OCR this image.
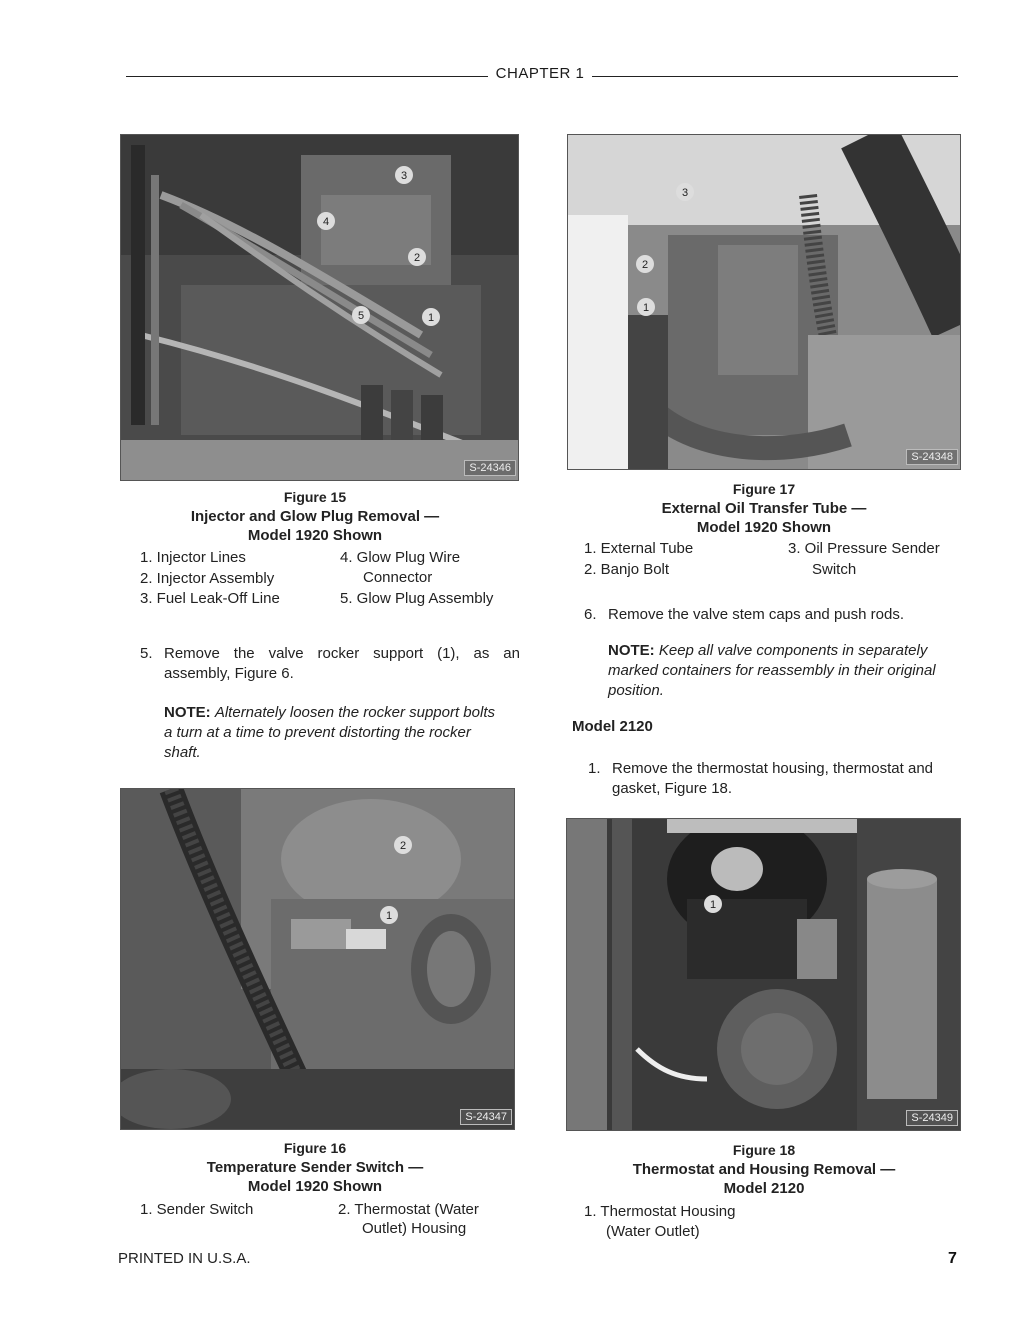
CHAPTER 1
3
2
4
1
5
S-24346
Figure 15
Injector and Glow Plug Removal —
Model 1920 Shown
1. Injector Lines
2. Injector Assembly
3. Fuel Leak-Off Line
4. Glow Plug Wire
Connector
5. Glow Plug Assembly
5. Remove the valve rocker support (1), as an
assembly, Figure 6.
NOTE: Alternately loosen the rocker support bolts
a turn at a time to prevent distorting the rocker
shaft.
2
1
S-24347
Figure 16
Temperature Sender Switch —
Model 1920 Shown
1. Sender Switch	2. Thermostat (Water
Outlet) Housing
3
2
1
S-24348
Figure 17
External Oil Transfer Tube —
Model 1920 Shown
1. External Tube
2. Banjo Bolt
3. Oil Pressure Sender
Switch
6. Remove the valve stem caps and push rods.
NOTE: Keep all valve components in separately
marked containers for reassembly in their original
position.
Model 2120
1. Remove the thermostat housing, thermostat and
gasket, Figure 18.
1
S-24349
Figure 18
Thermostat and Housing Removal —
Model 2120
1. Thermostat Housing
(Water Outlet)
PRINTED IN U.S.A.	7
